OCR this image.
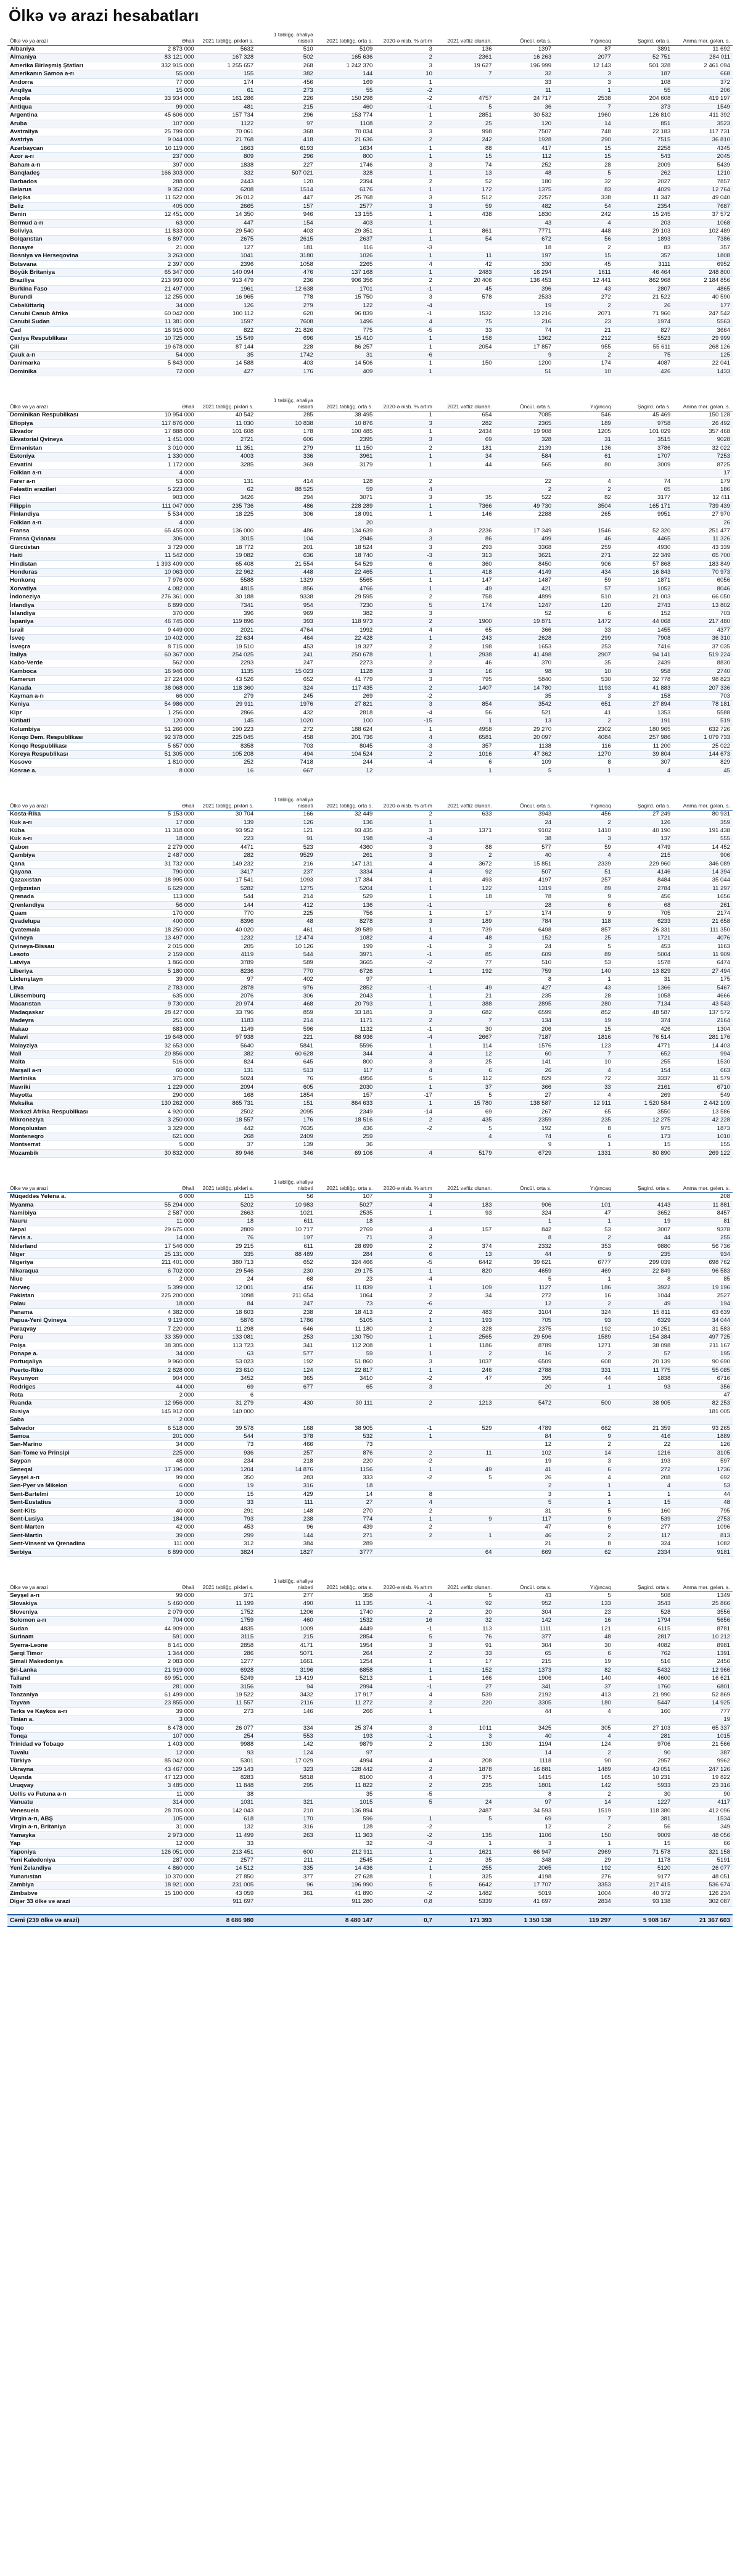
Ölkə və arazi hesabatları
Ölkə və ya arazi	Əhali	2021 təbliğç. pikləri s.	1 təbliğç. əhaliyə nisbəti	2021 təbliğç. orta s.	2020-ə nisb. % artım	2021 vəftiz olunan.	Öncül. orta s.	Yığıncaq	Şagird. orta s.	Anma mər. gələn. s.
Albaniya	2 873 000	5632	510	5109	3	136	1397	87	3891	11 692
Almaniya	83 121 000	167 328	502	165 636	2	2361	16 263	2077	52 751	284 011
Amerika Birləşmiş Ştatları	332 915 000	1 255 657	268	1 242 370	3	19 627	196 999	12 143	501 328	2 461 094
Amerikanın Samoa a-rı	55 000	155	382	144	10	7	32	3	187	668
Andorra	77 000	174	456	169	1		33	3	108	372
Anqilya	15 000	61	273	55	-2		11	1	55	206
Anqola	33 934 000	161 286	226	150 298	-2	4757	24 717	2538	204 608	419 197
Antiqua	99 000	481	215	460	-1	5	36	7	373	1549
Argentina	45 606 000	157 734	296	153 774	1	2851	30 532	1960	126 810	411 392
Aruba	107 000	1122	97	1108	2	25	120	14	851	3523
Avstraliya	25 799 000	70 061	368	70 034	3	998	7507	748	22 183	117 731
Avstriya	9 044 000	21 768	418	21 636	2	242	1928	290	7515	36 810
Azərbaycan	10 119 000	1663	6193	1634	1	88	417	15	2258	4345
Azor a-rı	237 000	809	296	800	1	15	112	15	543	2045
Baham a-rı	397 000	1838	227	1746	3	74	252	28	2009	5439
Banqladeş	166 303 000	332	507 021	328	1	13	48	5	262	1210
Barbados	288 000	2443	120	2394	2	52	180	32	2027	7857
Belarus	9 352 000	6208	1514	6176	1	172	1375	83	4029	12 764
Belçika	11 522 000	26 012	447	25 768	3	512	2257	338	11 347	49 040
Beliz	405 000	2665	157	2577	3	59	482	54	2354	7687
Benin	12 451 000	14 350	946	13 155	1	438	1830	242	15 245	37 572
Bermud a-rı	63 000	447	154	403	1		43	4	203	1068
Boliviya	11 833 000	29 540	403	29 351	1	861	7771	448	29 103	102 489
Bolqarıstan	6 897 000	2675	2615	2637	1	54	672	56	1893	7386
Bonayre	21 000	127	181	116	-3		18	2	83	357
Bosniya və Herseqovina	3 263 000	1041	3180	1026	1	11	197	15	357	1808
Botsvana	2 397 000	2396	1058	2265	4	42	330	45	3111	6952
Böyük Britaniya	65 347 000	140 094	476	137 168	1	2483	16 294	1611	46 464	248 800
Braziliya	213 993 000	913 479	236	906 356	2	20 406	136 453	12 441	862 968	2 184 856
Burkina Faso	21 497 000	1961	12 638	1701	-1	45	396	43	2807	4865
Burundi	12 255 000	16 965	778	15 750	3	578	2533	272	21 522	40 590
Cəbəlüttariq	34 000	126	279	122	-4		19	2	26	177
Cənubi Cənub Afrika	60 042 000	100 112	620	96 839	-1	1532	13 216	2071	71 960	247 542
Cənubi Sudan	11 381 000	1597	7608	1496	4	75	216	23	1974	5563
Çad	16 915 000	822	21 826	775	-5	33	74	21	827	3664
Çexiya Respublikası	10 725 000	15 549	696	15 410	1	158	1362	212	5523	29 999
Çili	19 678 000	87 144	228	86 257	1	2054	17 857	955	55 611	268 126
Çuuk a-rı	54 000	35	1742	31	-6		9	2	75	125
Danimarka	5 843 000	14 588	403	14 506	1	150	1200	174	4087	22 041
Dominika	72 000	427	176	409	1		51	10	426	1433
Ölkə və ya arazi	Əhali	2021 təbliğç. pikləri s.	1 təbliğç. əhaliyə nisbəti	2021 təbliğç. orta s.	2020-ə nisb. % artım	2021 vəftiz olunan.	Öncül. orta s.	Yığıncaq	Şagird. orta s.	Anma mər. gələn. s.
Dominikan Respublikası	10 954 000	40 542	285	38 495	1	654	7085	546	45 469	150 128
Efiopiya	117 876 000	11 030	10 838	10 876	3	282	2365	189	9758	26 492
Ekvador	17 888 000	101 608	178	100 485	1	2434	19 908	1205	101 029	357 468
Ekvatorial Qvineya	1 451 000	2721	606	2395	3	69	328	31	3515	9028
Ermənistan	3 010 000	11 351	279	11 150	2	181	2139	136	3786	32 022
Estoniya	1 330 000	4003	336	3961	1	34	584	61	1707	7253
Esvatini	1 172 000	3285	369	3179	1	44	565	80	3009	8725
Folklan a-rı	4 000									17
Farer a-rı	53 000	131	414	128	2		22	4	74	179
Fələstin əraziləri	5 223 000	62	88 525	59	4		2	2	65	186
Fici	903 000	3426	294	3071	3	35	522	82	3177	12 411
Filippin	111 047 000	235 736	486	228 289	1	7366	49 730	3504	165 171	739 439
Finlandiya	5 534 000	18 225	306	18 091	1	146	2288	265	9951	27 970
Folklan a-rı	4 000			20						26
Fransa	65 455 000	136 000	486	134 639	3	2236	17 349	1546	52 320	251 477
Fransa Qvianası	306 000	3015	104	2946	3	86	499	46	4465	11 326
Gürcüstan	3 729 000	18 772	201	18 524	3	293	3368	259	4930	43 339
Haiti	11 542 000	19 082	636	18 740	-3	313	3621	271	22 349	65 700
Hindistan	1 393 409 000	65 408	21 554	54 529	6	360	8450	906	57 868	183 849
Honduras	10 063 000	22 962	448	22 465	1	418	4149	434	16 843	70 973
Honkonq	7 976 000	5588	1329	5565	1	147	1487	59	1871	6056
Xorvatiya	4 082 000	4815	856	4766	1	49	421	57	1052	8046
İndoneziya	276 361 000	30 188	9338	29 595	2	758	4899	510	21 003	66 050
İrlandiya	6 899 000	7341	954	7230	5	174	1247	120	2743	13 802
İslandiya	370 000	396	969	382	3		52	6	152	703
İspaniya	46 745 000	119 896	393	118 973	2	1900	19 871	1472	44 068	217 480
İsrail	9 449 000	2021	4764	1992	4	65	366	33	1455	4377
İsveç	10 402 000	22 634	464	22 428	1	243	2628	299	7908	36 310
İsveçrə	8 715 000	19 510	453	19 327	2	198	1653	253	7416	37 035
İtaliya	60 367 000	254 025	241	250 678	1	2938	41 498	2907	94 141	519 224
Kabo-Verde	562 000	2293	247	2273	2	46	370	35	2439	8830
Kamboca	16 946 000	1135	15 023	1128	3	16	98	10	958	2740
Kamerun	27 224 000	43 526	652	41 779	3	795	5840	530	32 778	98 823
Kanada	38 068 000	118 360	324	117 435	2	1407	14 780	1193	41 883	207 336
Kayman a-rı	66 000	279	245	269	-2		35	3	158	703
Keniya	54 986 000	29 911	1976	27 821	3	854	3542	651	27 894	78 181
Kipr	1 256 000	2866	432	2818	-4	56	521	41	1353	5588
Kiribati	120 000	145	1020	100	-15	1	13	2	191	519
Kolumbiya	51 266 000	190 223	272	188 624	1	4958	29 270	2302	180 965	632 726
Konqo Dem. Respublikası	92 378 000	225 045	458	201 736	4	6581	20 097	4084	257 986	1 079 733
Konqo Respublikası	5 657 000	8358	703	8045	-3	357	1138	116	11 200	25 022
Koreya Respublikası	51 305 000	105 208	494	104 524	2	1016	47 362	1270	39 804	144 673
Kosovo	1 810 000	252	7418	244	-4	6	109	8	307	829
Kosrae a.	8 000	16	667	12		1	5	1	4	45
Ölkə və ya arazi	Əhali	2021 təbliğç. pikləri s.	1 təbliğç. əhaliyə nisbəti	2021 təbliğç. orta s.	2020-ə nisb. % artım	2021 vəftiz olunan.	Öncül. orta s.	Yığıncaq	Şagird. orta s.	Anma mər. gələn. s.
Kosta-Rika	5 153 000	30 704	166	32 449	2	633	3943	456	27 249	80 931
Kuk a-rı	17 000	139	126	136	1		24	2	126	359
Küba	11 318 000	93 952	121	93 435	3	1371	9102	1410	40 190	191 438
Kuk a-rı	18 000	223	91	198	-4		38	3	137	555
Qabon	2 279 000	4471	523	4360	3	88	577	59	4749	14 452
Qambiya	2 487 000	282	9529	261	3	2	40	4	215	906
Qana	31 732 000	149 232	216	147 131	4	3672	15 851	2339	229 960	346 089
Qayana	790 000	3417	237	3334	4	92	507	51	4146	14 394
Qazaxıstan	18 995 000	17 541	1093	17 384	1	493	4197	257	8484	35 044
Qırğızıstan	6 629 000	5282	1275	5204	1	122	1319	89	2784	11 297
Qrenada	113 000	544	214	529	1	18	78	9	456	1656
Qrenlandiya	56 000	144	412	136	-1		28	6	68	261
Quam	170 000	770	225	756	1	17	174	9	705	2174
Qvadelupa	400 000	8396	48	8278	3	189	784	118	6233	21 658
Qvatemala	18 250 000	40 020	461	39 589	1	739	6498	857	26 331	111 350
Qvineya	13 497 000	1232	12 474	1082	4	48	152	25	1721	4076
Qvineya-Bissau	2 015 000	205	10 126	199	-1	3	24	5	453	1163
Lesoto	2 159 000	4119	544	3971	-1	85	609	89	5004	11 909
Latviya	1 866 000	3789	589	3665	-2	77	510	53	1578	6474
Liberiya	5 180 000	8236	770	6726	1	192	759	140	13 829	27 494
Lixtenştayn	39 000	97	402	97			8	1	31	175
Litva	2 783 000	2878	976	2852	-1	49	427	43	1366	5467
Lüksemburq	635 000	2076	306	2043	1	21	235	28	1058	4666
Macarıstan	9 730 000	20 974	468	20 793	1	388	2895	280	7134	43 543
Madaqaskar	28 427 000	33 796	859	33 181	3	682	6599	852	48 587	137 572
Madeyra	251 000	1183	214	1171	2	7	134	19	374	2164
Makao	683 000	1149	596	1132	-1	30	206	15	426	1304
Malavi	19 648 000	97 938	221	88 936	-4	2667	7187	1816	76 514	281 176
Malayziya	32 653 000	5640	5841	5596	1	114	1576	123	4771	14 403
Mali	20 856 000	382	60 628	344	4	12	60	7	652	994
Malta	516 000	824	645	800	3	25	141	10	255	1530
Marşall a-rı	60 000	131	513	117	4	6	26	4	154	663
Martinika	375 000	5024	76	4956	5	112	829	72	3337	11 579
Mavriki	1 229 000	2094	605	2030	1	37	366	33	2161	6710
Mayotta	290 000	168	1854	157	-17	5	27	4	269	549
Meksika	130 262 000	865 731	151	864 633	1	15 780	138 587	12 911	1 520 584	2 442 109
Mərkəzi Afrika Respublikası	4 920 000	2502	2095	2349	-14	69	267	65	3550	13 586
Mikroneziya	3 250 000	18 557	176	18 516	2	435	2359	235	12 275	42 228
Monqolustan	3 329 000	442	7635	436	-2	5	192	8	975	1873
Monteneqro	621 000	268	2409	259		4	74	6	173	1010
Montserrat	5 000	37	139	36			9	1	15	155
Mozambik	30 832 000	89 946	346	69 106	4	5179	6729	1331	80 890	269 122
Ölkə və ya arazi	Əhali	2021 təbliğç. pikləri s.	1 təbliğç. əhaliyə nisbəti	2021 təbliğç. orta s.	2020-ə nisb. % artım	2021 vəftiz olunan.	Öncül. orta s.	Yığıncaq	Şagird. orta s.	Anma mər. gələn. s.
Müqəddəs Yelena a.	6 000	115	56	107	3					208
Myanma	55 294 000	5202	10 983	5027	4	183	906	101	4143	11 881
Namibiya	2 587 000	2663	1021	2535	1	93	324	47	3652	8457
Nauru	11 000	18	611	18			1	1	19	81
Nepal	29 675 000	2809	10 717	2769	4	157	842	53	3007	9378
Nevis a.	14 000	76	197	71	3		8	2	44	255
Niderland	17 546 000	29 215	611	28 699	2	374	2332	353	9880	56 736
Niger	25 131 000	335	88 489	284	6	13	44	9	235	934
Nigeriya	211 401 000	380 713	652	324 466	-5	6442	39 621	6777	299 039	698 762
Nikaraqua	6 702 000	29 546	230	29 175	1	820	4659	469	22 849	96 583
Niue	2 000	24	68	23	-4		5	1	8	85
Norveç	5 399 000	12 001	456	11 839	1	109	1127	186	3922	19 196
Pakistan	225 200 000	1098	211 654	1064	2	34	272	16	1044	2527
Palau	18 000	84	247	73	-6		12	2	49	194
Panama	4 382 000	18 603	238	18 413	2	483	3104	324	15 811	63 639
Papua-Yeni Qvineya	9 119 000	5876	1786	5105	1	193	705	93	6329	34 044
Paraqvay	7 220 000	11 298	646	11 180	2	328	2375	192	10 251	31 583
Peru	33 359 000	133 081	253	130 750	1	2565	29 596	1589	154 384	497 725
Polşa	38 305 000	113 723	341	112 208	1	1186	8789	1271	38 098	211 167
Ponape a.	34 000	63	577	59	1	2	16	2	57	195
Portuqaliya	9 960 000	53 023	192	51 860	3	1037	6509	608	20 139	90 690
Puerto-Riko	2 828 000	23 610	124	22 817	1	246	2788	331	11 775	55 085
Reyunyon	904 000	3452	365	3410	-2	47	395	44	1838	6716
Rodriges	44 000	69	677	65	3		20	1	93	356
Rota	2 000	6								47
Ruanda	12 956 000	31 279	430	30 111	2	1213	5472	500	38 905	82 253
Rusiya	145 912 000	140 000								181 005
Saba	2 000									
Salvador	6 518 000	39 578	168	38 905	-1	529	4789	662	21 359	93 265
Samoa	201 000	544	378	532	1		84	9	416	1889
San-Marino	34 000	73	466	73			12	2	22	126
San-Tome və Prinsipi	225 000	936	257	876	2	11	102	14	1216	3105
Saypan	48 000	234	218	220	-2		19	3	193	597
Seneqal	17 196 000	1204	14 876	1156	1	49	41	6	272	1736
Seyşel a-rı	99 000	350	283	333	-2	5	26	4	208	692
Sen-Pyer və Mikelon	6 000	19	316	18			2	1	4	53
Sent-Bartelmi	10 000	15	429	14	8		3	1	1	44
Sent-Eustatius	3 000	33	111	27	4		5	1	15	48
Sent-Kits	40 000	291	148	270	2		31	5	160	795
Sent-Lusiya	184 000	793	238	774	1	9	117	9	539	2753
Sent-Marten	42 000	453	96	439	2		47	6	277	1096
Sent-Martin	39 000	299	144	271	2	1	46	2	117	813
Sent-Vinsent və Qrenadina	111 000	312	384	289			21	8	324	1082
Serbiya	6 899 000	3824	1827	3777		64	669	62	2334	9181
Ölkə və ya arazi	Əhali	2021 təbliğç. pikləri s.	1 təbliğç. əhaliyə nisbəti	2021 təbliğç. orta s.	2020-ə nisb. % artım	2021 vəftiz olunan.	Öncül. orta s.	Yığıncaq	Şagird. orta s.	Anma mər. gələn. s.
Seyşel a-rı	99 000	371	277	358	4	5	43	5	508	1349
Slovakiya	5 460 000	11 199	490	11 135	-1	92	952	133	3543	25 866
Sloveniya	2 079 000	1752	1206	1740	2	20	304	23	528	3556
Solomon a-rı	704 000	1759	460	1532	16	32	142	16	1794	5656
Sudan	44 909 000	4835	1009	4449	-1	113	1111	121	6115	8781
Surinam	591 000	3115	215	2854	5	76	377	48	2817	10 212
Syerra-Leone	8 141 000	2858	4171	1954	3	91	304	30	4082	8981
Şərqi Timor	1 344 000	286	5071	264	2	33	65	6	762	1391
Şimali Makedoniya	2 083 000	1277	1661	1254	1	17	215	19	516	2456
Şri-Lanka	21 919 000	6928	3196	6858	1	152	1373	82	5432	12 966
Tailand	69 951 000	5249	13 419	5213	1	166	1906	140	4600	16 621
Taiti	281 000	3156	94	2994	-1	27	341	37	1760	6801
Tanzaniya	61 499 000	19 522	3432	17 917	4	539	2192	413	21 990	52 869
Tayvan	23 855 000	11 557	2116	11 272	2	220	3305	180	5447	14 925
Terks və Kaykos a-rı	39 000	273	146	266	1		44	4	160	777
Tinian a.	3 000									19
Toqo	8 478 000	26 077	334	25 374	3	1011	3425	305	27 103	65 337
Tonqa	107 000	254	553	193	-1	3	40	4	281	1015
Trinidad və Tobaqo	1 403 000	9988	142	9879	2	130	1194	124	9706	21 566
Tuvalu	12 000	93	124	97			14	2	90	387
Türkiyə	85 042 000	5301	17 029	4994	4	208	1118	90	2957	9962
Ukrayna	43 467 000	129 143	323	128 442	2	1878	16 881	1489	43 051	247 126
Uqanda	47 123 000	8283	5818	8100	4	375	1415	165	10 231	19 822
Uruqvay	3 485 000	11 848	295	11 822	2	235	1801	142	5933	23 316
Uollis və Futuna a-rı	11 000	38		35	-5		8	2	30	90
Vanuatu	314 000	1031	321	1015	5	24	97	14	1227	4117
Venesuela	28 705 000	142 043	210	136 894		2487	34 593	1519	118 380	412 096
Virgin a-rı, ABŞ	105 000	618	170	596	1	5	69	7	381	1534
Virgin a-rı, Britaniya	31 000	132	316	128	-2		12	2	56	349
Yamayka	2 973 000	11 499	263	11 363	-2	135	1106	150	9009	48 056
Yap	12 000	33		32	-3	1	3	1	15	66
Yaponiya	126 051 000	213 451	600	212 911	1	1621	66 947	2969	71 578	321 158
Yeni Kaledoniya	287 000	2577	211	2545	2	35	348	29	1178	5191
Yeni Zelandiya	4 860 000	14 512	335	14 436	1	255	2065	192	5120	26 077
Yunanıstan	10 370 000	27 850	377	27 628	1	325	4198	276	9177	48 051
Zambiya	18 921 000	231 005	96	196 990	5	6642	17 707	3353	217 415	536 674
Zimbabve	15 100 000	43 059	361	41 890	-2	1482	5019	1004	40 372	126 234
Digər 33 ölkə və arazi		911 697		911 280	0,8	5339	41 697	2834	93 138	302 087
Cəmi (239 ölkə və arazi)		8 686 980		8 480 147	0,7	171 393	1 350 138	119 297	5 908 167	21 367 603
